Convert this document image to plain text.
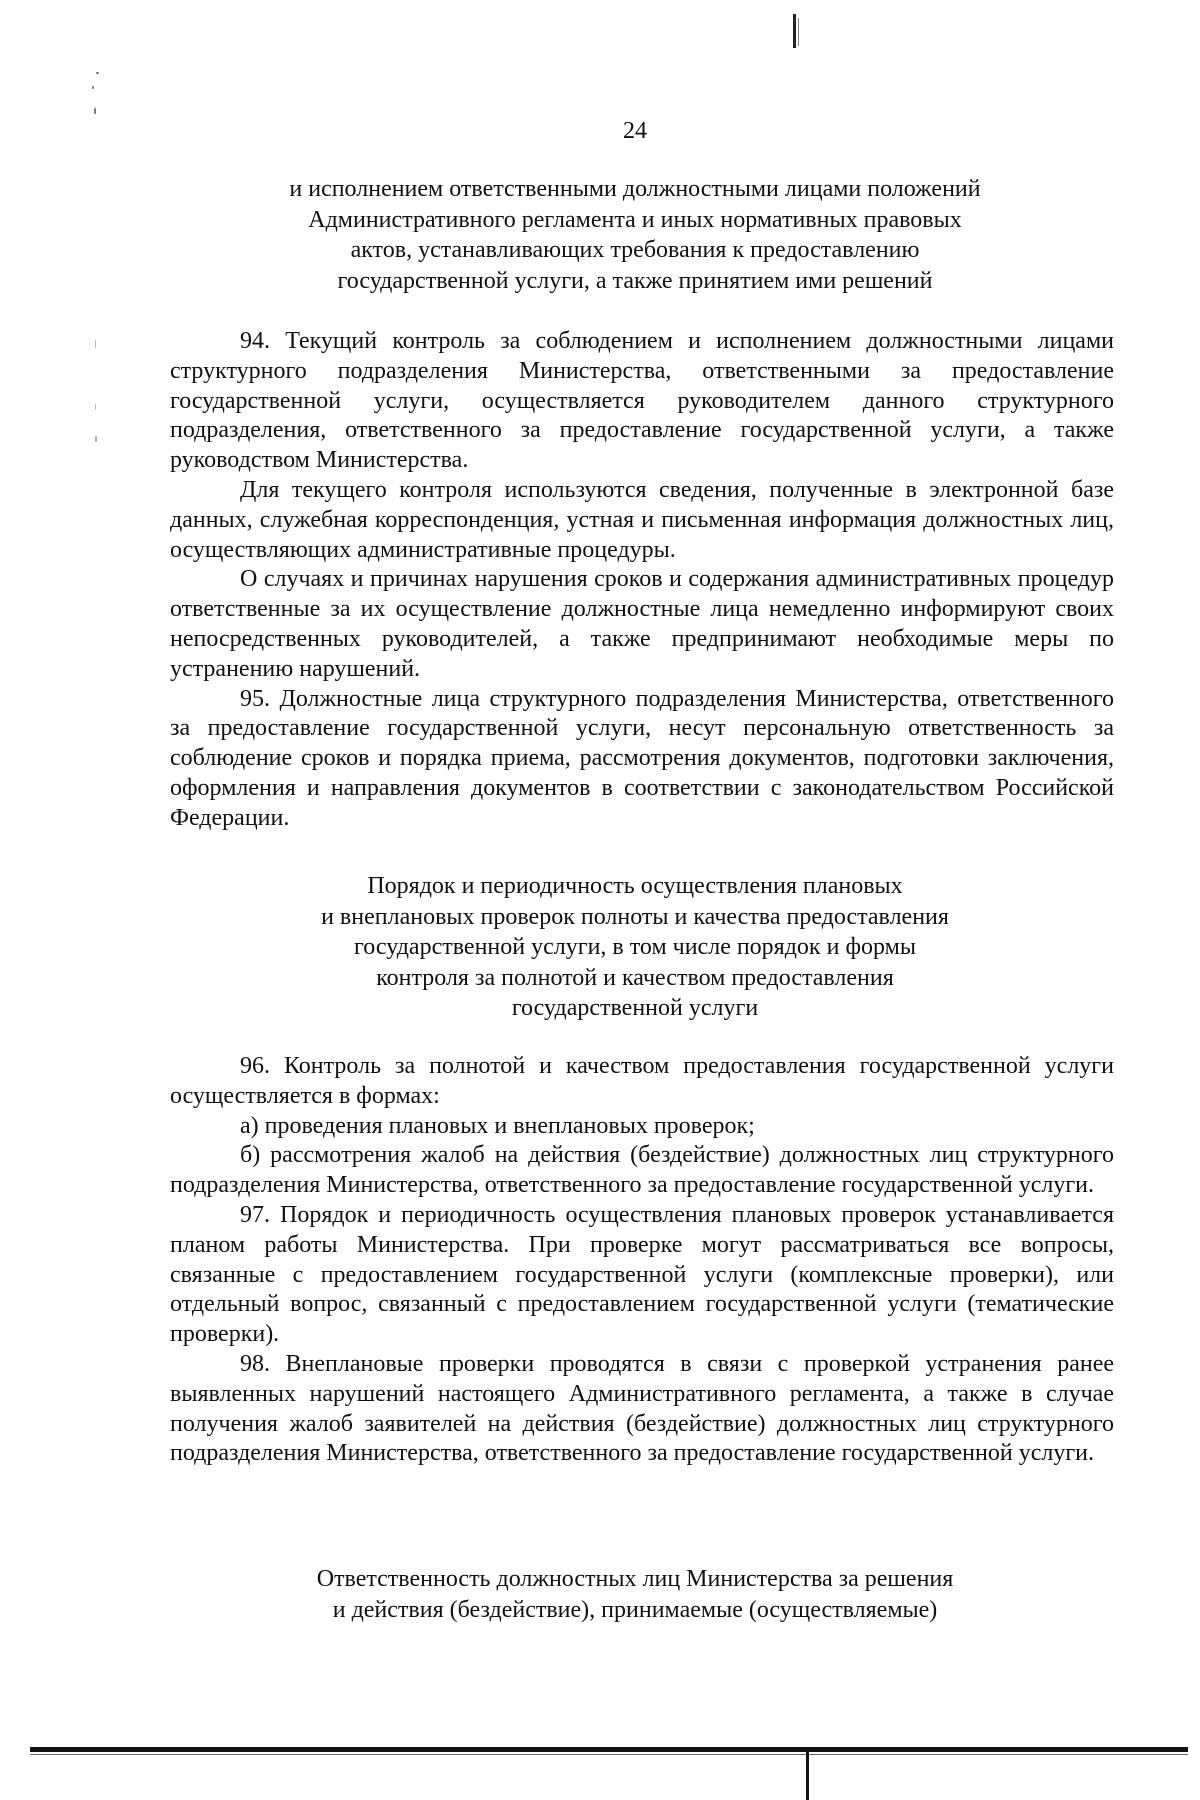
24
и исполнением ответственными должностными лицами положений
Административного регламента и иных нормативных правовых
актов, устанавливающих требования к предоставлению
государственной услуги, а также принятием ими решений

94. Текущий контроль за соблюдением и исполнением должностными лицами структурного подразделения Министерства, ответственными за предоставление государственной услуги, осуществляется руководителем данного структурного подразделения, ответственного за предоставление государственной услуги, а также руководством Министерства.

Для текущего контроля используются сведения, полученные в электронной базе данных, служебная корреспонденция, устная и письменная информация должностных лиц, осуществляющих административные процедуры.

О случаях и причинах нарушения сроков и содержания административных процедур ответственные за их осуществление должностные лица немедленно информируют своих непосредственных руководителей, а также предпринимают необходимые меры по устранению нарушений.

95. Должностные лица структурного подразделения Министерства, ответственного за предоставление государственной услуги, несут персональную ответственность за соблюдение сроков и порядка приема, рассмотрения документов, подготовки заключения, оформления и направления документов в соответствии с законодательством Российской Федерации.

Порядок и периодичность осуществления плановых
и внеплановых проверок полноты и качества предоставления
государственной услуги, в том числе порядок и формы
контроля за полнотой и качеством предоставления
государственной услуги

96. Контроль за полнотой и качеством предоставления государственной услуги осуществляется в формах:

а) проведения плановых и внеплановых проверок;

б) рассмотрения жалоб на действия (бездействие) должностных лиц структурного подразделения Министерства, ответственного за предоставление государственной услуги.

97. Порядок и периодичность осуществления плановых проверок устанавливается планом работы Министерства. При проверке могут рассматриваться все вопросы, связанные с предоставлением государственной услуги (комплексные проверки), или отдельный вопрос, связанный с предоставлением государственной услуги (тематические проверки).

98. Внеплановые проверки проводятся в связи с проверкой устранения ранее выявленных нарушений настоящего Административного регламента, а также в случае получения жалоб заявителей на действия (бездействие) должностных лиц структурного подразделения Министерства, ответственного за предоставление государственной услуги.

Ответственность должностных лиц Министерства за решения
и действия (бездействие), принимаемые (осуществляемые)
